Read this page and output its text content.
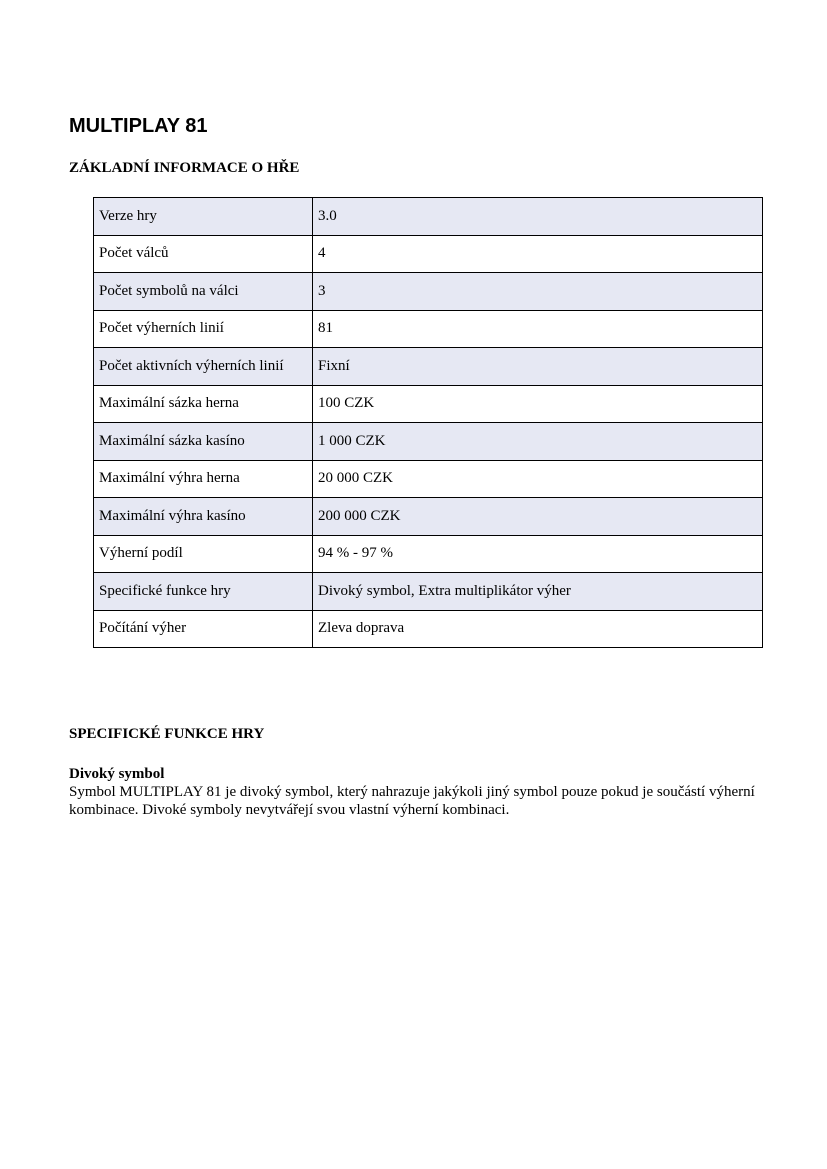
MULTIPLAY 81
ZÁKLADNÍ INFORMACE O HŘE
Verze hry	3.0
Počet válců	4
Počet symbolů na válci	3
Počet výherních linií	81
Počet aktivních výherních linií	Fixní
Maximální sázka herna	100 CZK
Maximální sázka kasíno	1 000 CZK
Maximální výhra herna	20 000 CZK
Maximální výhra kasíno	200 000 CZK
Výherní podíl	94 % - 97 %
Specifické funkce hry	Divoký symbol, Extra multiplikátor výher
Počítání výher	Zleva doprava
SPECIFICKÉ FUNKCE HRY
Divoký symbol
Symbol MULTIPLAY 81 je divoký symbol, který nahrazuje jakýkoli jiný symbol pouze pokud je součástí výherní kombinace. Divoké symboly nevytvářejí svou vlastní výherní kombinaci.
